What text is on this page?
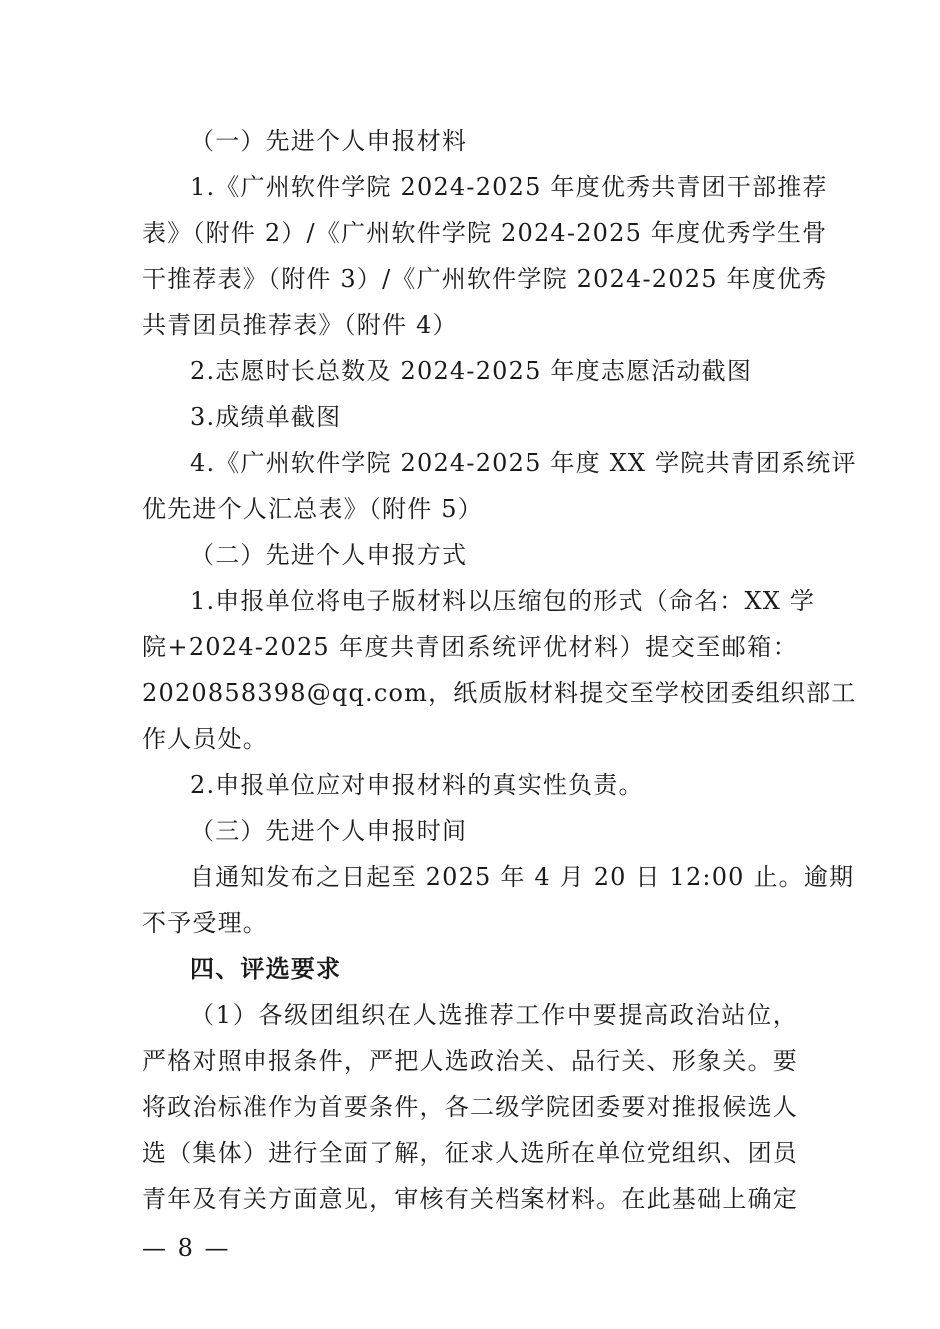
（一）先进个人申报材料
1.《广州软件学院 2024-2025 年度优秀共青团干部推荐
表》（附件 2）/《广州软件学院 2024-2025 年度优秀学生骨
干推荐表》（附件 3）/《广州软件学院 2024-2025 年度优秀
共青团员推荐表》（附件 4）
2.志愿时长总数及 2024-2025 年度志愿活动截图
3.成绩单截图
4.《广州软件学院 2024-2025 年度 XX 学院共青团系统评
优先进个人汇总表》（附件 5）
（二）先进个人申报方式
1.申报单位将电子版材料以压缩包的形式（命名：XX 学
院+2024-2025 年度共青团系统评优材料）提交至邮箱：
2020858398@qq.com，纸质版材料提交至学校团委组织部工
作人员处。
2.申报单位应对申报材料的真实性负责。
（三）先进个人申报时间
自通知发布之日起至 2025 年 4 月 20 日 12:00 止。逾期
不予受理。
四、评选要求
（1）各级团组织在人选推荐工作中要提高政治站位，
严格对照申报条件，严把人选政治关、品行关、形象关。要
将政治标准作为首要条件，各二级学院团委要对推报候选人
选（集体）进行全面了解，征求人选所在单位党组织、团员
青年及有关方面意见，审核有关档案材料。在此基础上确定
— 8 —
